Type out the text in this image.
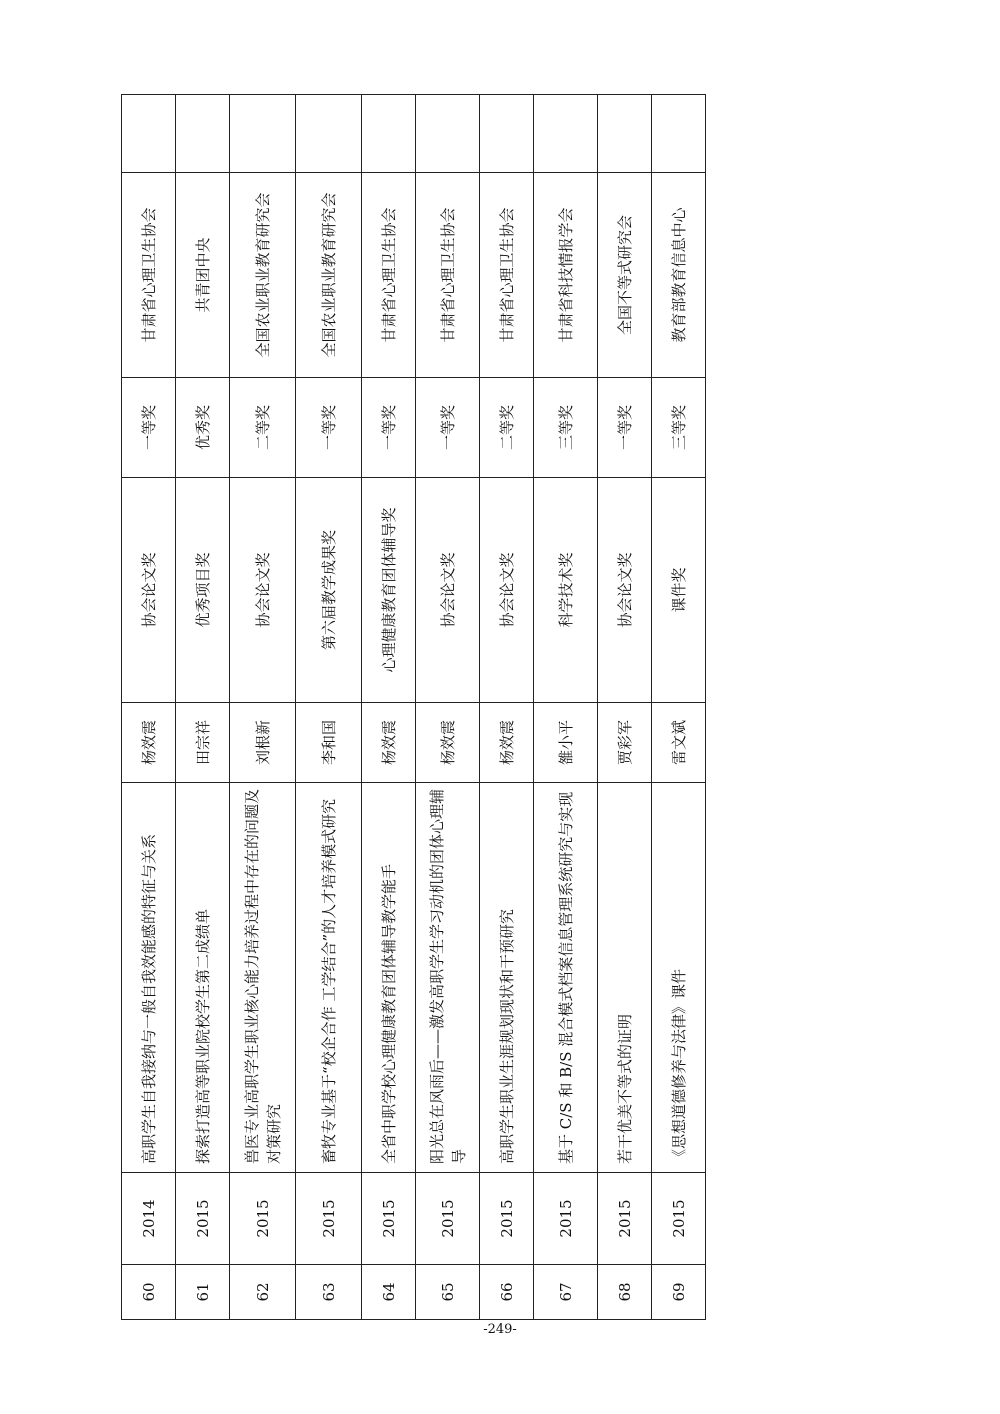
60	2014	高职学生自我接纳与一般自我效能感的特征与关系	杨效震	协会论文奖	一等奖	甘肃省心理卫生协会	
61	2015	探索打造高等职业院校学生第二成绩单	田宗祥	优秀项目奖	优秀奖	共青团中央	
62	2015	兽医专业高职学生职业核心能力培养过程中存在的问题及对策研究	刘根新	协会论文奖	二等奖	全国农业职业教育研究会	
63	2015	畜牧专业基于“校企合作 工学结合”的人才培养模式研究	李和国	第六届教学成果奖	一等奖	全国农业职业教育研究会	
64	2015	全省中职学校心理健康教育团体辅导教学能手	杨效震	心理健康教育团体辅导奖	一等奖	甘肃省心理卫生协会	
65	2015	阳光总在风雨后——激发高职学生学习动机的团体心理辅导	杨效震	协会论文奖	一等奖	甘肃省心理卫生协会	
66	2015	高职学生职业生涯规划现状和干预研究	杨效震	协会论文奖	二等奖	甘肃省心理卫生协会	
67	2015	基于 C/S 和 B/S 混合模式档案信息管理系统研究与实现	雒小平	科学技术奖	三等奖	甘肃省科技情报学会	
68	2015	若干优美不等式的证明	贾彩军	协会论文奖	一等奖	全国不等式研究会	
69	2015	《思想道德修养与法律》课件	雷文斌	课件奖	三等奖	教育部教育信息中心	
-249-
